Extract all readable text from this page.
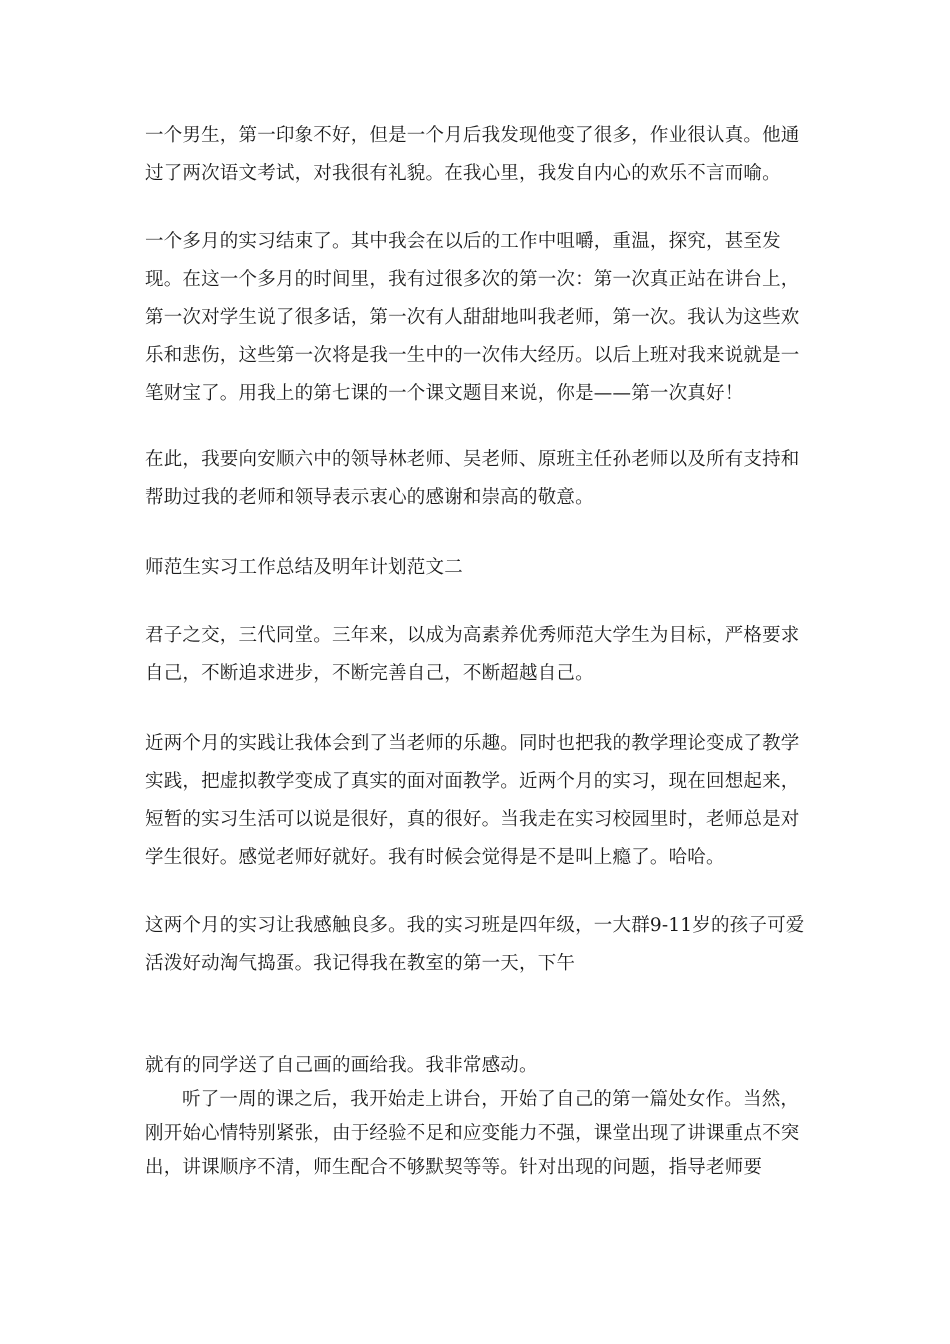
一个男生，第一印象不好，但是一个月后我发现他变了很多，作业很认真。他通过了两次语文考试，对我很有礼貌。在我心里，我发自内心的欢乐不言而喻。

一个多月的实习结束了。其中我会在以后的工作中咀嚼，重温，探究，甚至发现。在这一个多月的时间里，我有过很多次的第一次：第一次真正站在讲台上，第一次对学生说了很多话，第一次有人甜甜地叫我老师，第一次。我认为这些欢乐和悲伤，这些第一次将是我一生中的一次伟大经历。以后上班对我来说就是一笔财宝了。用我上的第七课的一个课文题目来说，你是——第一次真好！

在此，我要向安顺六中的领导林老师、吴老师、原班主任孙老师以及所有支持和帮助过我的老师和领导表示衷心的感谢和崇高的敬意。

师范生实习工作总结及明年计划范文二

君子之交，三代同堂。三年来，以成为高素养优秀师范大学生为目标，严格要求自己，不断追求进步，不断完善自己，不断超越自己。

近两个月的实践让我体会到了当老师的乐趣。同时也把我的教学理论变成了教学实践，把虚拟教学变成了真实的面对面教学。近两个月的实习，现在回想起来，短暂的实习生活可以说是很好，真的很好。当我走在实习校园里时，老师总是对学生很好。感觉老师好就好。我有时候会觉得是不是叫上瘾了。哈哈。

这两个月的实习让我感触良多。我的实习班是四年级，一大群9-11岁的孩子可爱活泼好动淘气捣蛋。我记得我在教室的第一天，下午

就有的同学送了自己画的画给我。我非常感动。

听了一周的课之后，我开始走上讲台，开始了自己的第一篇处女作。当然，刚开始心情特别紧张，由于经验不足和应变能力不强，课堂出现了讲课重点不突出，讲课顺序不清，师生配合不够默契等等。针对出现的问题，指导老师要
